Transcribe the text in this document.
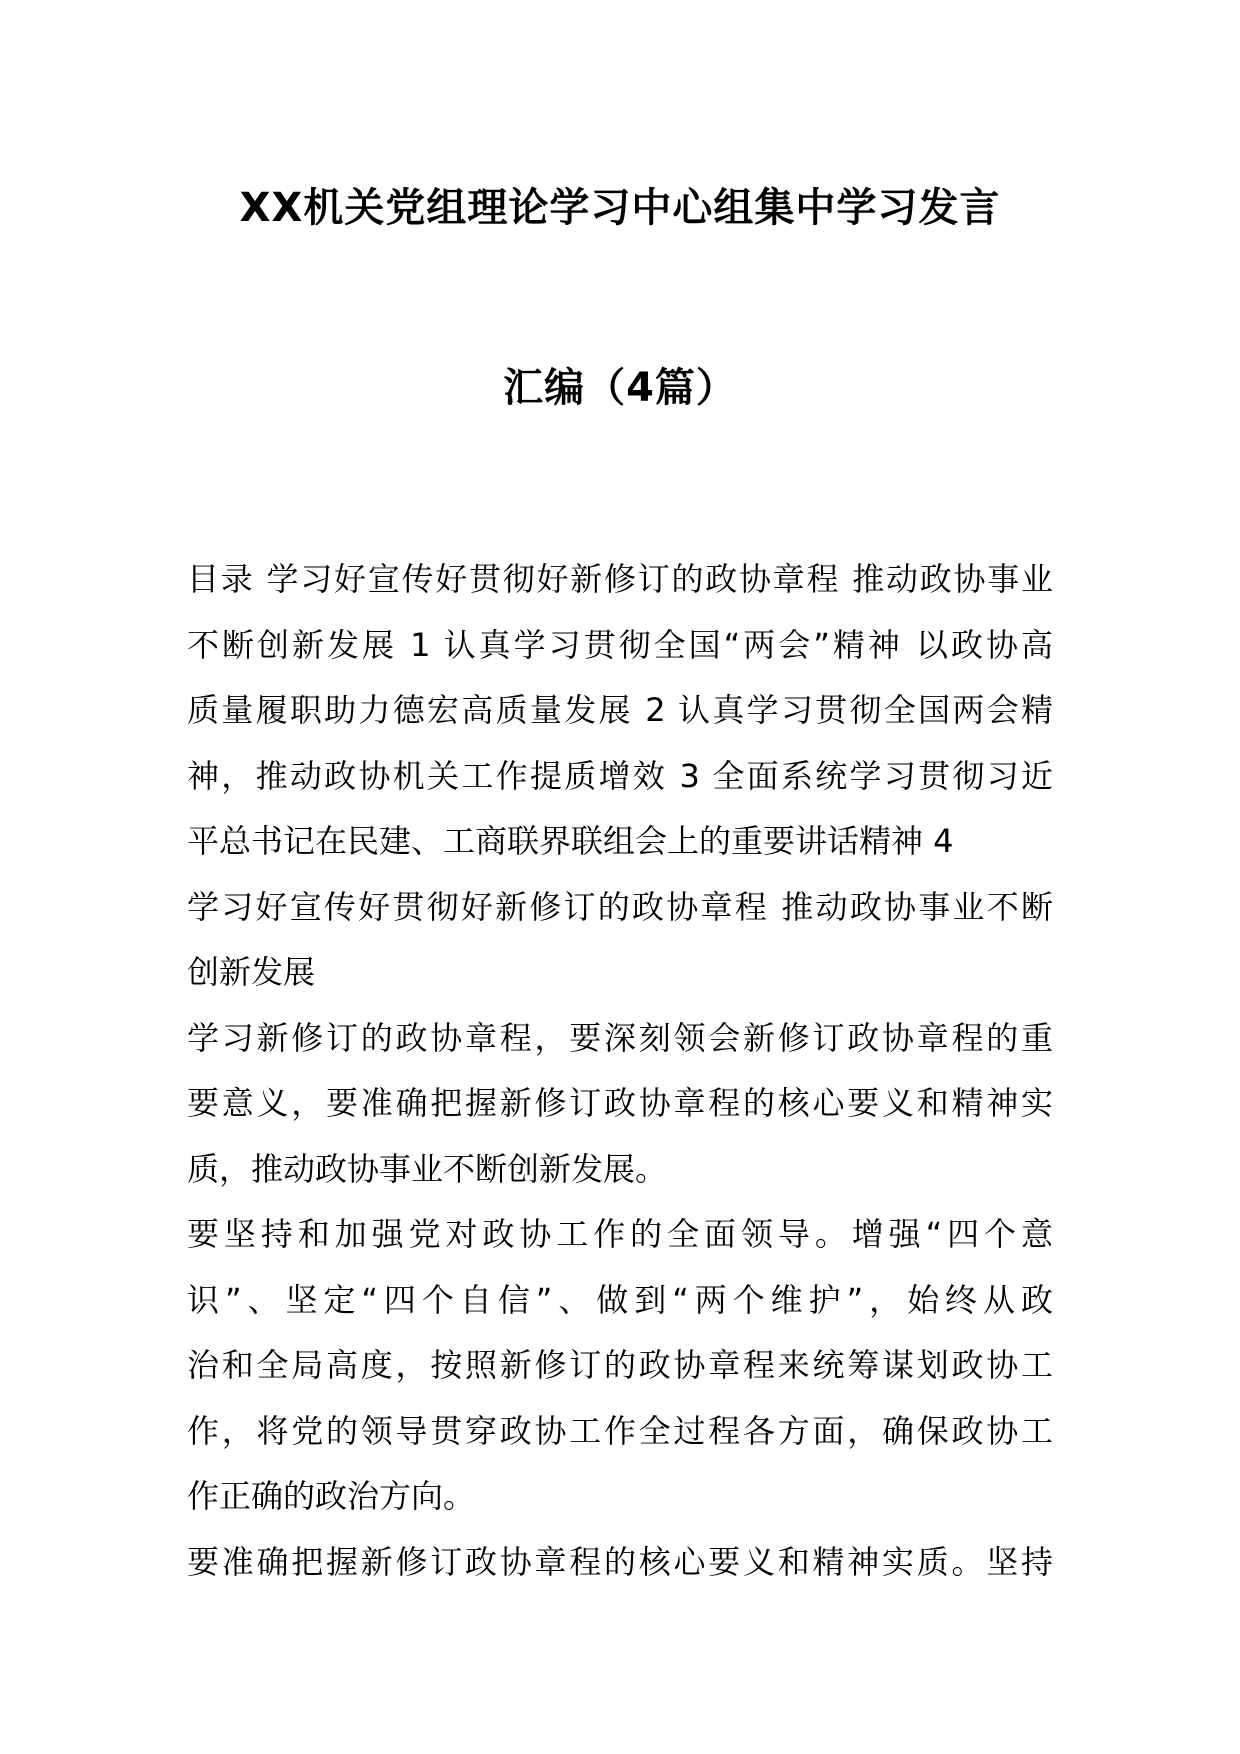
XX机关党组理论学习中心组集中学习发言
汇编（4篇）
目录 学习好宣传好贯彻好新修订的政协章程 推动政协事业
不断创新发展 1 认真学习贯彻全国“两会”精神 以政协高
质量履职助力德宏高质量发展 2 认真学习贯彻全国两会精
神，推动政协机关工作提质增效 3 全面系统学习贯彻习近
平总书记在民建、工商联界联组会上的重要讲话精神 4
学习好宣传好贯彻好新修订的政协章程 推动政协事业不断
创新发展
学习新修订的政协章程，要深刻领会新修订政协章程的重
要意义，要准确把握新修订政协章程的核心要义和精神实
质，推动政协事业不断创新发展。
要坚持和加强党对政协工作的全面领导。增强“四个意
识”、坚定“四个自信”、做到“两个维护”，始终从政
治和全局高度，按照新修订的政协章程来统筹谋划政协工
作，将党的领导贯穿政协工作全过程各方面，确保政协工
作正确的政治方向。
要准确把握新修订政协章程的核心要义和精神实质。坚持
